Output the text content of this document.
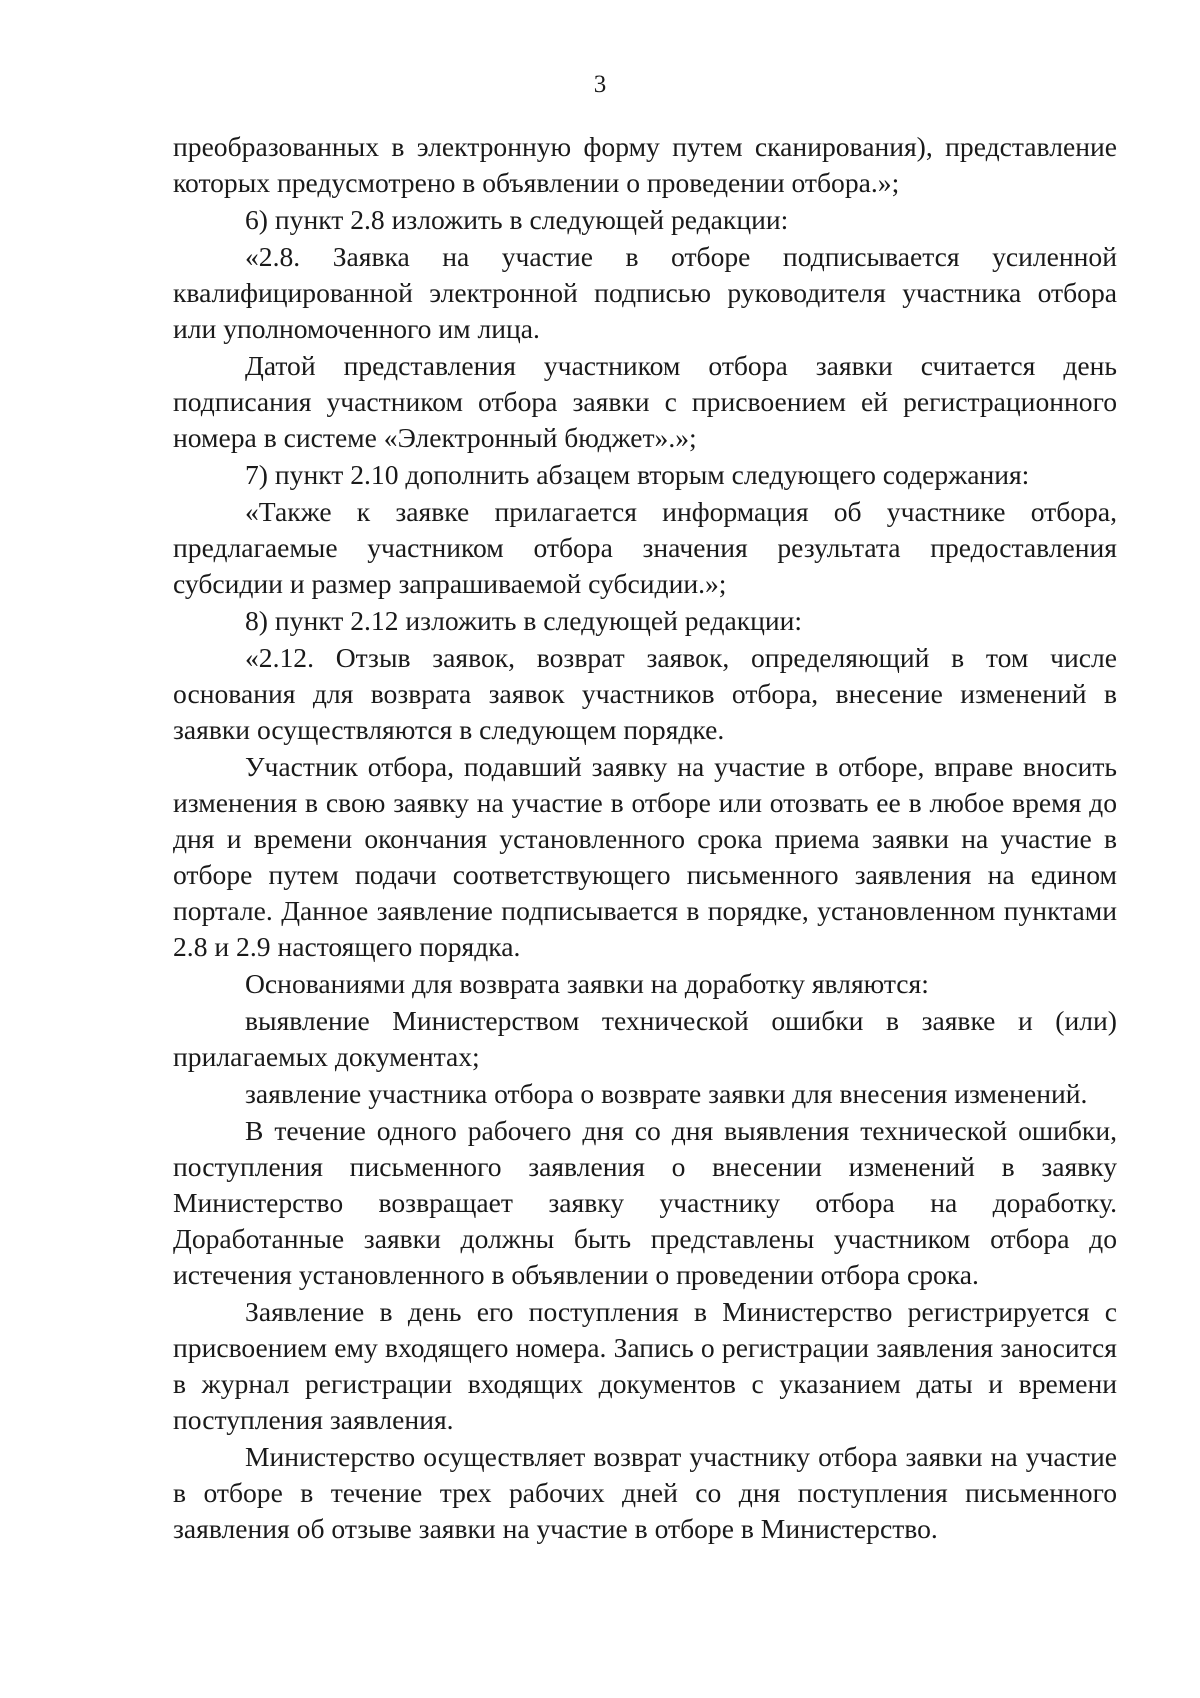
3

преобразованных в электронную форму путем сканирования), представление которых предусмотрено в объявлении о проведении отбора.»;

6) пункт 2.8 изложить в следующей редакции:

«2.8. Заявка на участие в отборе подписывается усиленной квалифицированной электронной подписью руководителя участника отбора или уполномоченного им лица.

Датой представления участником отбора заявки считается день подписания участником отбора заявки с присвоением ей регистрационного номера в системе «Электронный бюджет».»;

7) пункт 2.10 дополнить абзацем вторым следующего содержания:

«Также к заявке прилагается информация об участнике отбора, предлагаемые участником отбора значения результата предоставления субсидии и размер запрашиваемой субсидии.»;

8) пункт 2.12 изложить в следующей редакции:

«2.12. Отзыв заявок, возврат заявок, определяющий в том числе основания для возврата заявок участников отбора, внесение изменений в заявки осуществляются в следующем порядке.

Участник отбора, подавший заявку на участие в отборе, вправе вносить изменения в свою заявку на участие в отборе или отозвать ее в любое время до дня и времени окончания установленного срока приема заявки на участие в отборе путем подачи соответствующего письменного заявления на едином портале. Данное заявление подписывается в порядке, установленном пунктами 2.8 и 2.9 настоящего порядка.

Основаниями для возврата заявки на доработку являются:

выявление Министерством технической ошибки в заявке и (или) прилагаемых документах;

заявление участника отбора о возврате заявки для внесения изменений.

В течение одного рабочего дня со дня выявления технической ошибки, поступления письменного заявления о внесении изменений в заявку Министерство возвращает заявку участнику отбора на доработку. Доработанные заявки должны быть представлены участником отбора до истечения установленного в объявлении о проведении отбора срока.

Заявление в день его поступления в Министерство регистрируется с присвоением ему входящего номера. Запись о регистрации заявления заносится в журнал регистрации входящих документов с указанием даты и времени поступления заявления.

Министерство осуществляет возврат участнику отбора заявки на участие в отборе в течение трех рабочих дней со дня поступления письменного заявления об отзыве заявки на участие в отборе в Министерство.
